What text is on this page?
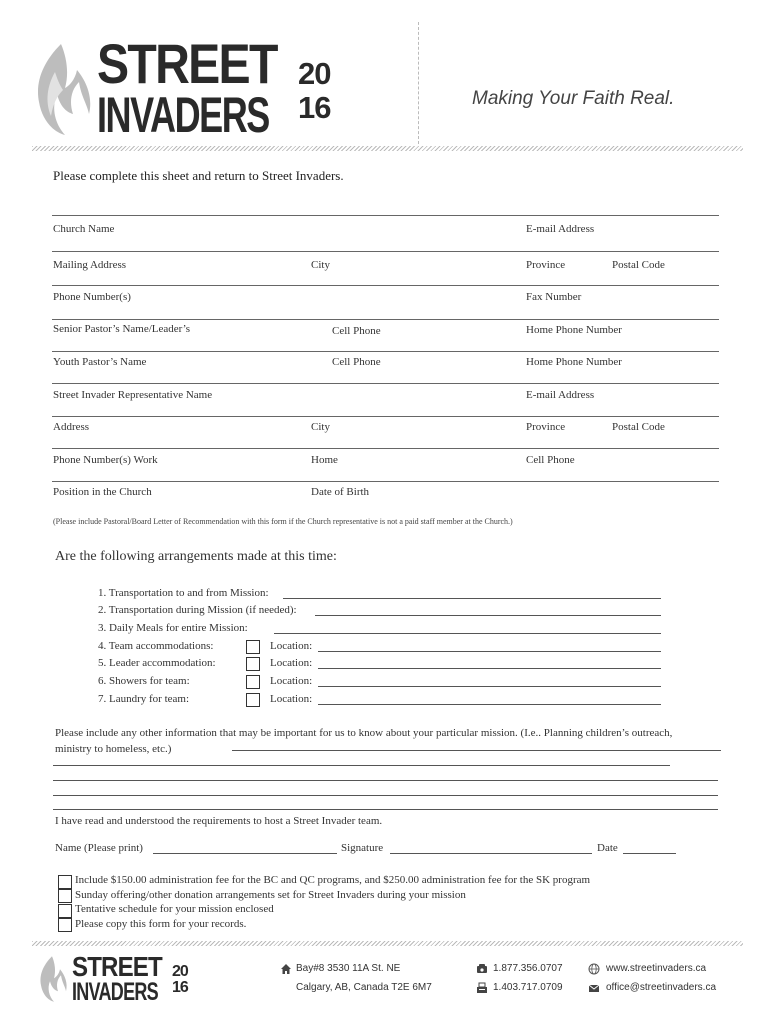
STREET
INVADERS
20
16	Making Your Faith Real.
Please complete this sheet and return to Street Invaders.
Church Name	E-mail Address
Mailing Address	City	Province	Postal Code
Phone Number(s)	Fax Number
Senior Pastor’s Name/Leader’s	Cell Phone	Home Phone Number
Youth Pastor’s Name	Cell Phone	Home Phone Number
Street Invader Representative Name	E-mail Address
Address	City	Province	Postal Code
Phone Number(s) Work	Home	Cell Phone
Position in the Church	Date of Birth
(Please include Pastoral/Board Letter of Recommendation with this form if the Church representative is not a paid staff member at the Church.)
Are the following arrangements made at this time:
1. Transportation to and from Mission:
2. Transportation during Mission (if needed):
3. Daily Meals for entire Mission:
4. Team accommodations:	Location:
5. Leader accommodation:	Location:
6. Showers for team:	Location:
7. Laundry for team:	Location:
Please include any other information that may be important for us to know about your particular mission. (I.e.. Planning children’s outreach, ministry to homeless, etc.)
I have read and understood the requirements to host a Street Invader team.
Name (Please print)	Signature	Date
Include $150.00 administration fee for the BC and QC programs, and $250.00 administration fee for the SK program
Sunday offering/other donation arrangements set for Street Invaders during your mission
Tentative schedule for your mission enclosed
Please copy this form for your records.
STREET
INVADERS
20
16
Bay#8 3530 11A St. NE
Calgary, AB, Canada T2E 6M7
1.877.356.0707
1.403.717.0709
www.streetinvaders.ca
office@streetinvaders.ca
